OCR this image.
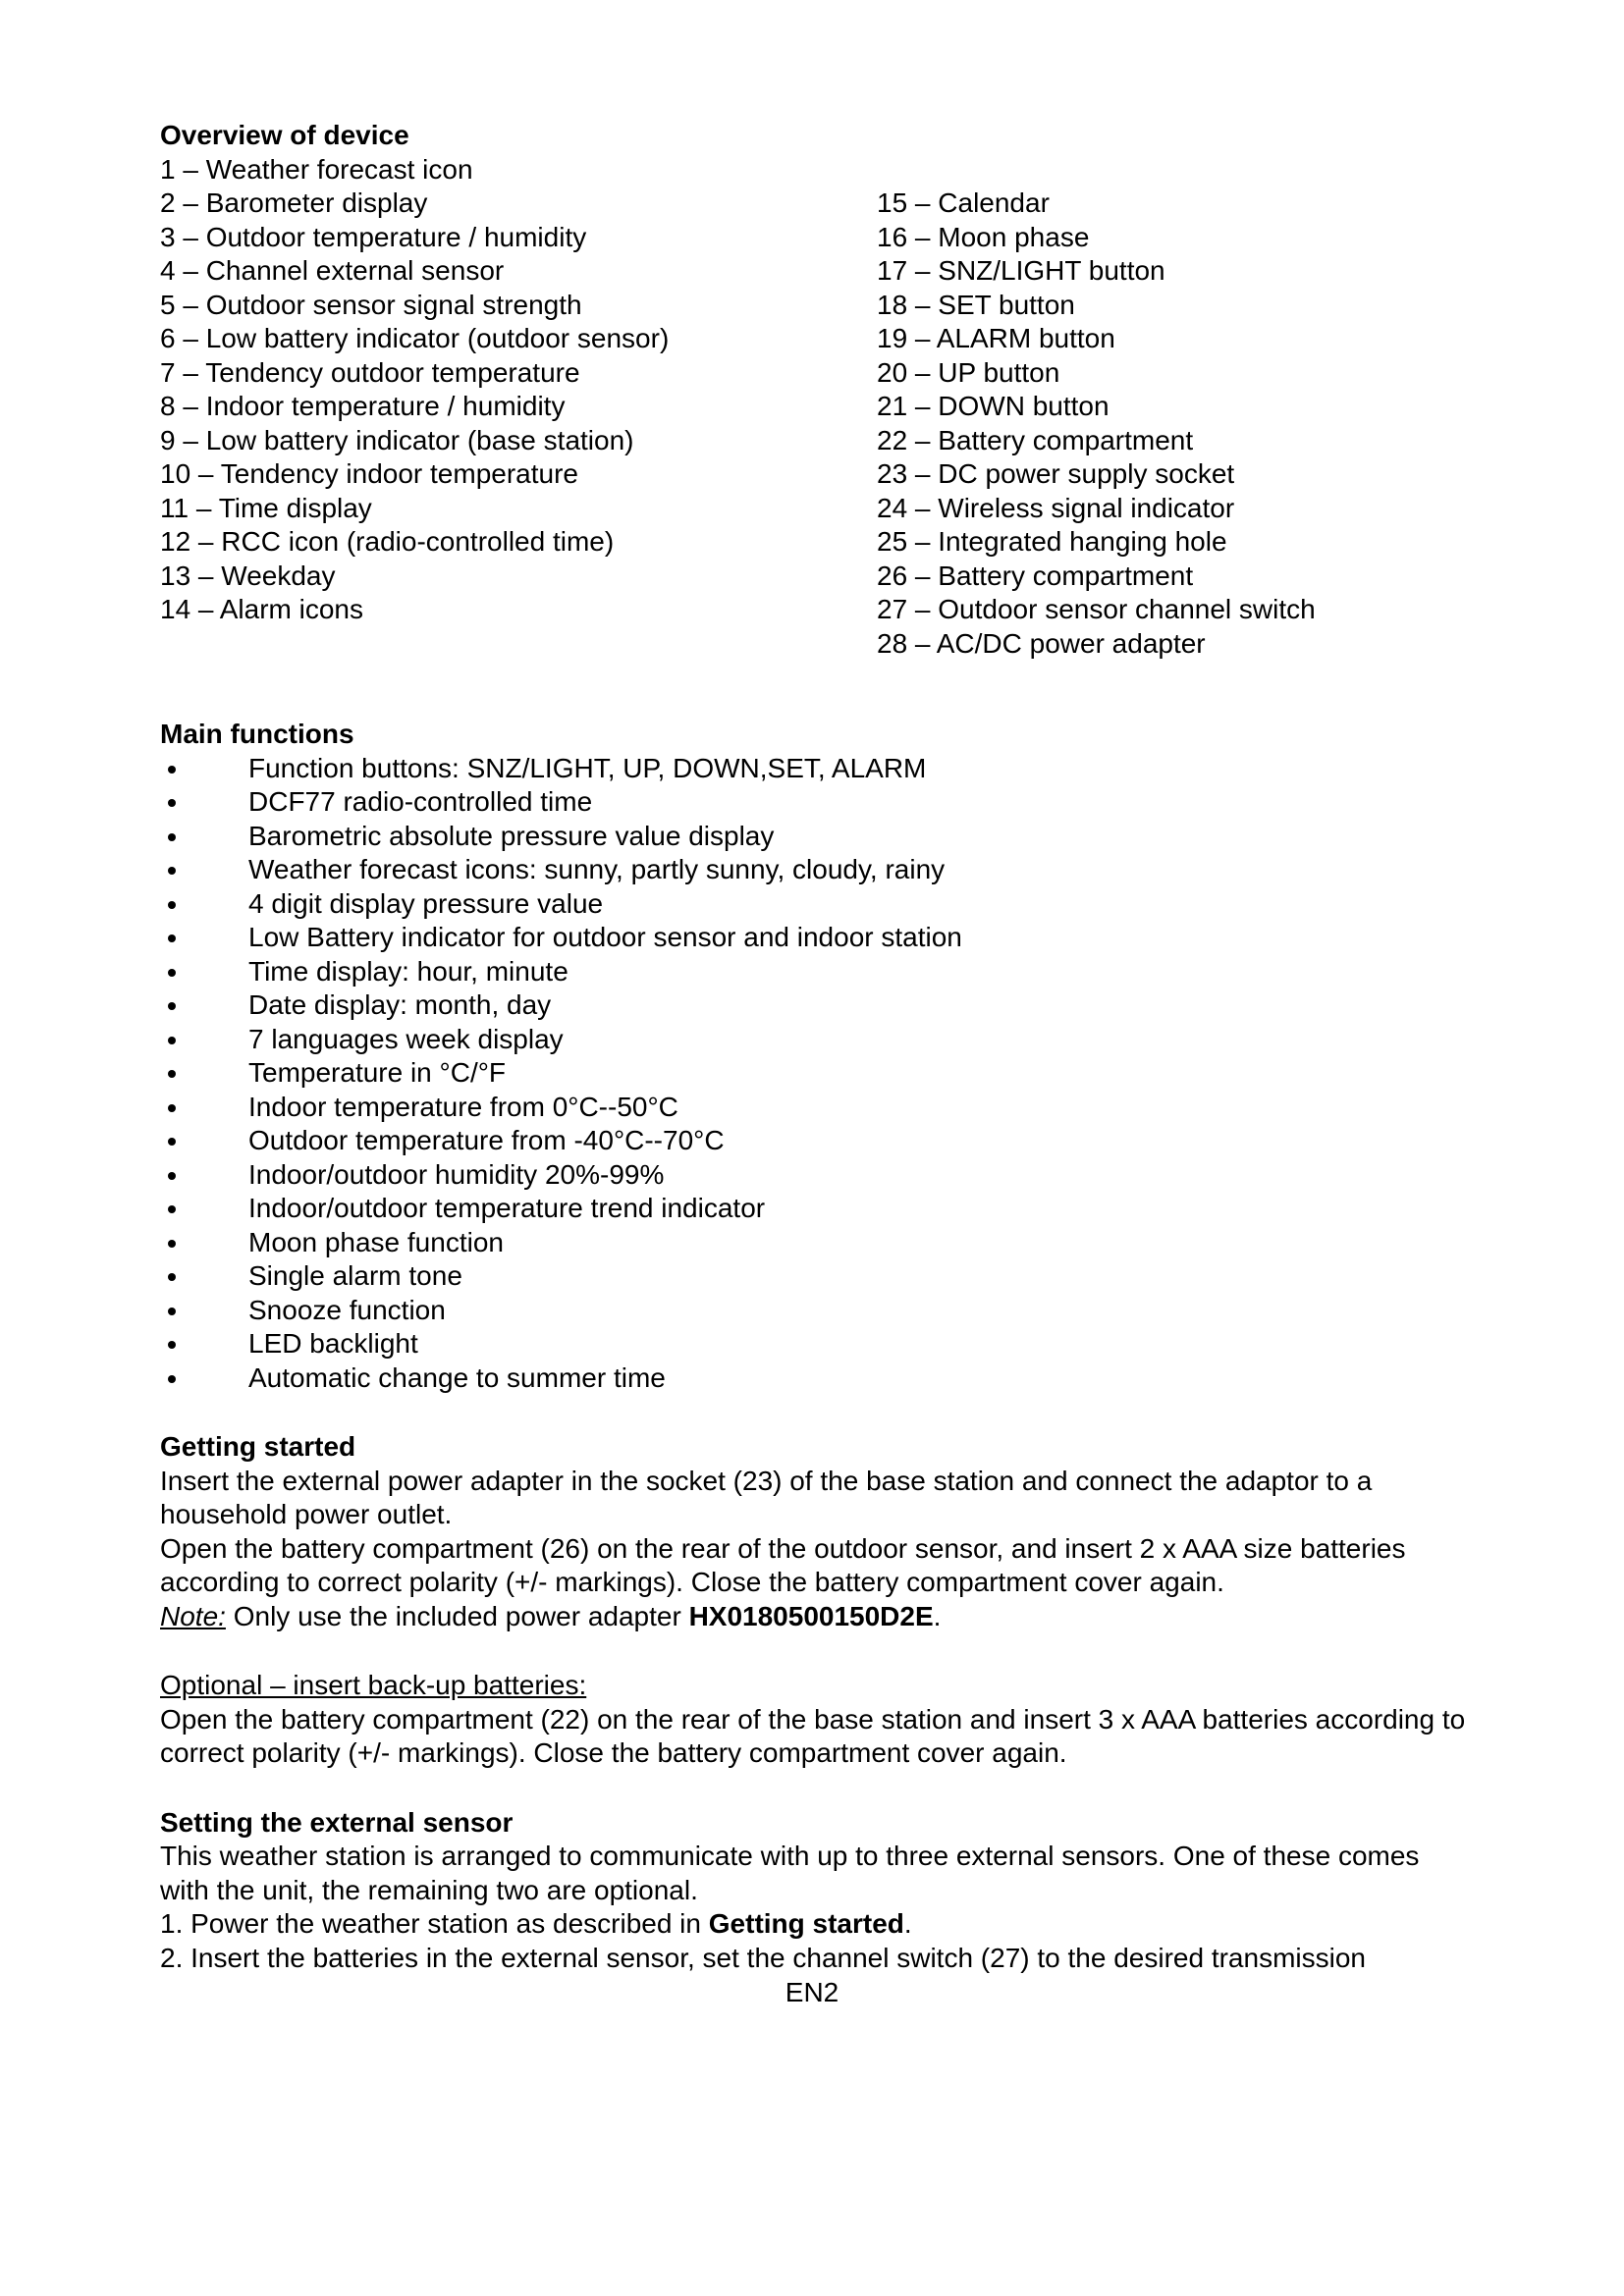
Overview of device
1 – Weather forecast icon
2 – Barometer display
3 – Outdoor temperature / humidity
4 – Channel external sensor
5 – Outdoor sensor signal strength
6 – Low battery indicator (outdoor sensor)
7 – Tendency outdoor temperature
8 – Indoor temperature / humidity
9 – Low battery indicator (base station)
10 – Tendency indoor temperature
11 – Time display
12 – RCC icon (radio-controlled time)
13 – Weekday
14 – Alarm icons
15 – Calendar
16 – Moon phase
17 – SNZ/LIGHT button
18 – SET button
19 – ALARM button
20 – UP button
21 – DOWN button
22 – Battery compartment
23 – DC power supply socket
24 – Wireless signal indicator
25 – Integrated hanging hole
26 – Battery compartment
27 – Outdoor sensor channel switch
28 – AC/DC power adapter
Main functions
Function buttons: SNZ/LIGHT, UP, DOWN,SET, ALARM
DCF77 radio-controlled time
Barometric absolute pressure value display
Weather forecast icons: sunny, partly sunny, cloudy, rainy
4 digit display pressure value
Low Battery indicator for outdoor sensor and indoor station
Time display: hour, minute
Date display: month, day
7 languages week display
Temperature in °C/°F
Indoor temperature from 0°C--50°C
Outdoor temperature from -40°C--70°C
Indoor/outdoor humidity 20%-99%
Indoor/outdoor temperature trend indicator
Moon phase function
Single alarm tone
Snooze function
LED backlight
Automatic change to summer time
Getting started

Insert the external power adapter in the socket (23) of the base station and connect the adaptor to a household power outlet.

Open the battery compartment (26) on the rear of the outdoor sensor, and insert 2 x AAA size batteries according to correct polarity (+/- markings). Close the battery compartment cover again.

Note: Only use the included power adapter HX0180500150D2E.

Optional – insert back-up batteries:

Open the battery compartment (22) on the rear of the base station and insert 3 x AAA batteries according to correct polarity (+/- markings). Close the battery compartment cover again.

Setting the external sensor

This weather station is arranged to communicate with up to three external sensors. One of these comes with the unit, the remaining two are optional.

1. Power the weather station as described in Getting started.

2. Insert the batteries in the external sensor, set the channel switch (27) to the desired transmission

EN2
